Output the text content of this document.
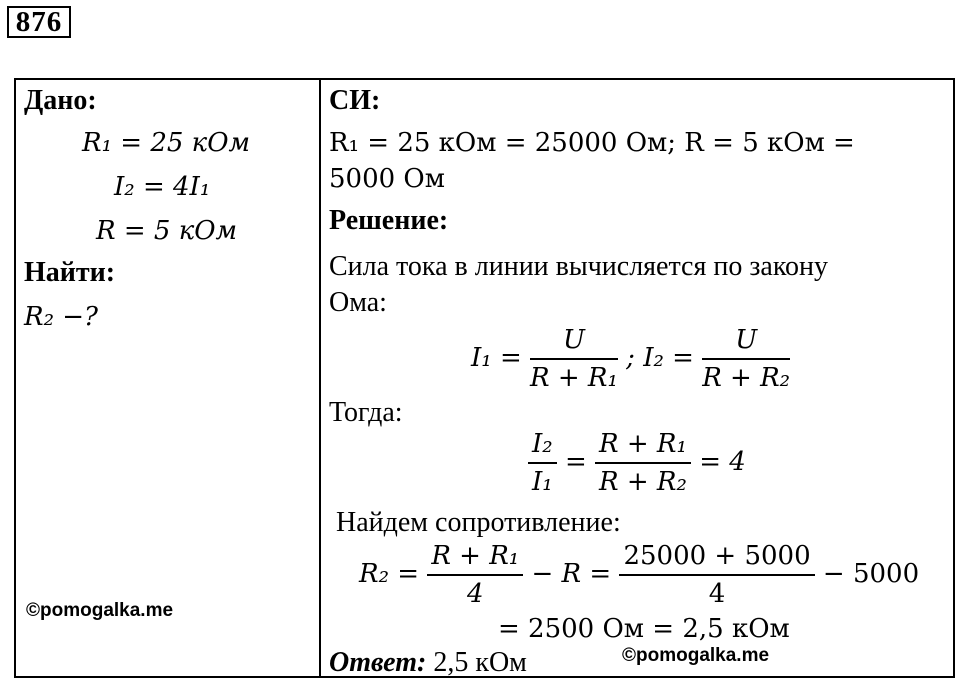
876
Дано:
R₁ = 25 кОм
I₂ = 4I₁
R = 5 кОм
Найти:
R₂ −?
©pomogalka.me
СИ:
R₁ = 25 кОм = 25000 Ом; R = 5 кОм =
5000 Ом
Решение:
Сила тока в линии вычисляется по закону
Ома:
$I_1 = \frac{U}{\text{R + R₁}}$ ; $I_2 = \frac{U}{\text{R + R₂}}$
Тогда:
$\frac{\text{I₂}}{\text{I₁}} = \frac{\text{R + R₁}}{\text{R + R₂}} = 4$
Найдем сопротивление:
$R_2 = \frac{\text{R + R₁}}{4} - R = \frac{25000 + 5000}{4} - 5000$
= 2500 Ом = 2,5 кОм
Ответ: 2,5 кОм	©pomogalka.me
